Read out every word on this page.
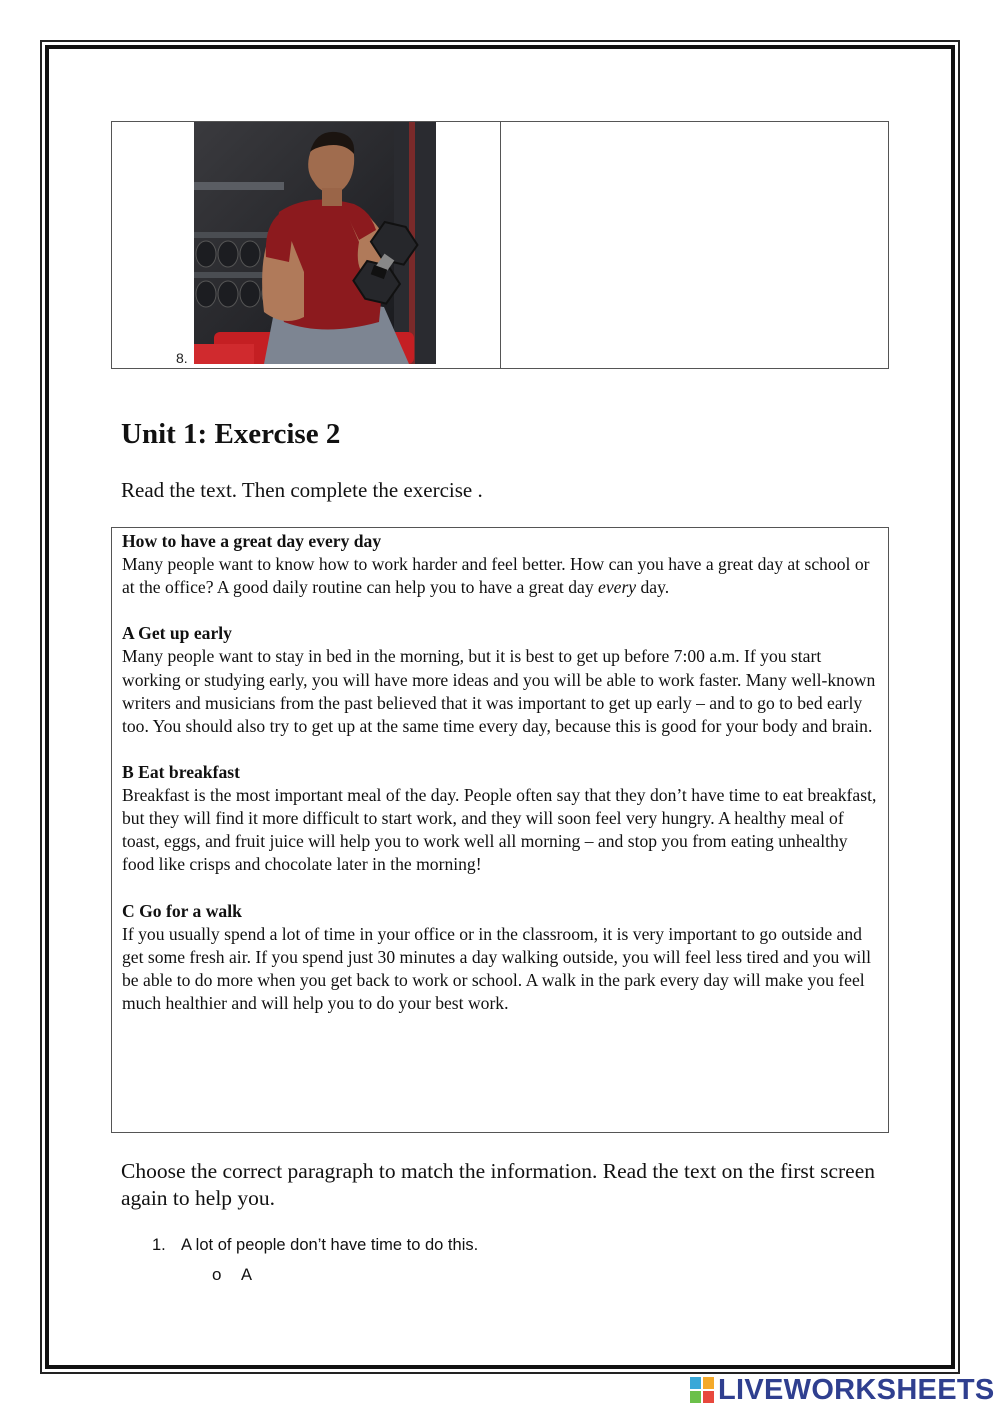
8.
Unit 1: Exercise 2

Read the text. Then complete the exercise .

How to have a great day every day

Many people want to know how to work harder and feel better. How can you have a great day at school or at the office? A good daily routine can help you to have a great day every day.

A Get up early

Many people want to stay in bed in the morning, but it is best to get up before 7:00 a.m. If you start working or studying early, you will have more ideas and you will be able to work faster. Many well-known writers and musicians from the past believed that it was important to get up early – and to go to bed early too. You should also try to get up at the same time every day, because this is good for your body and brain.

B Eat breakfast

Breakfast is the most important meal of the day. People often say that they don’t have time to eat breakfast, but they will find it more difficult to start work, and they will soon feel very hungry. A healthy meal of toast, eggs, and fruit juice will help you to work well all morning – and stop you from eating unhealthy food like crisps and chocolate later in the morning!

C Go for a walk

If you usually spend a lot of time in your office or in the classroom, it is very important to go outside and get some fresh air. If you spend just 30 minutes a day walking outside, you will feel less tired and you will be able to do more when you get back to work or school. A walk in the park every day will make you feel much healthier and will help you to do your best work.

Choose the correct paragraph to match the information. Read the text on the first screen again to help you.

1. A lot of people don’t have time to do this.

o	A
LIVEWORKSHEETS
